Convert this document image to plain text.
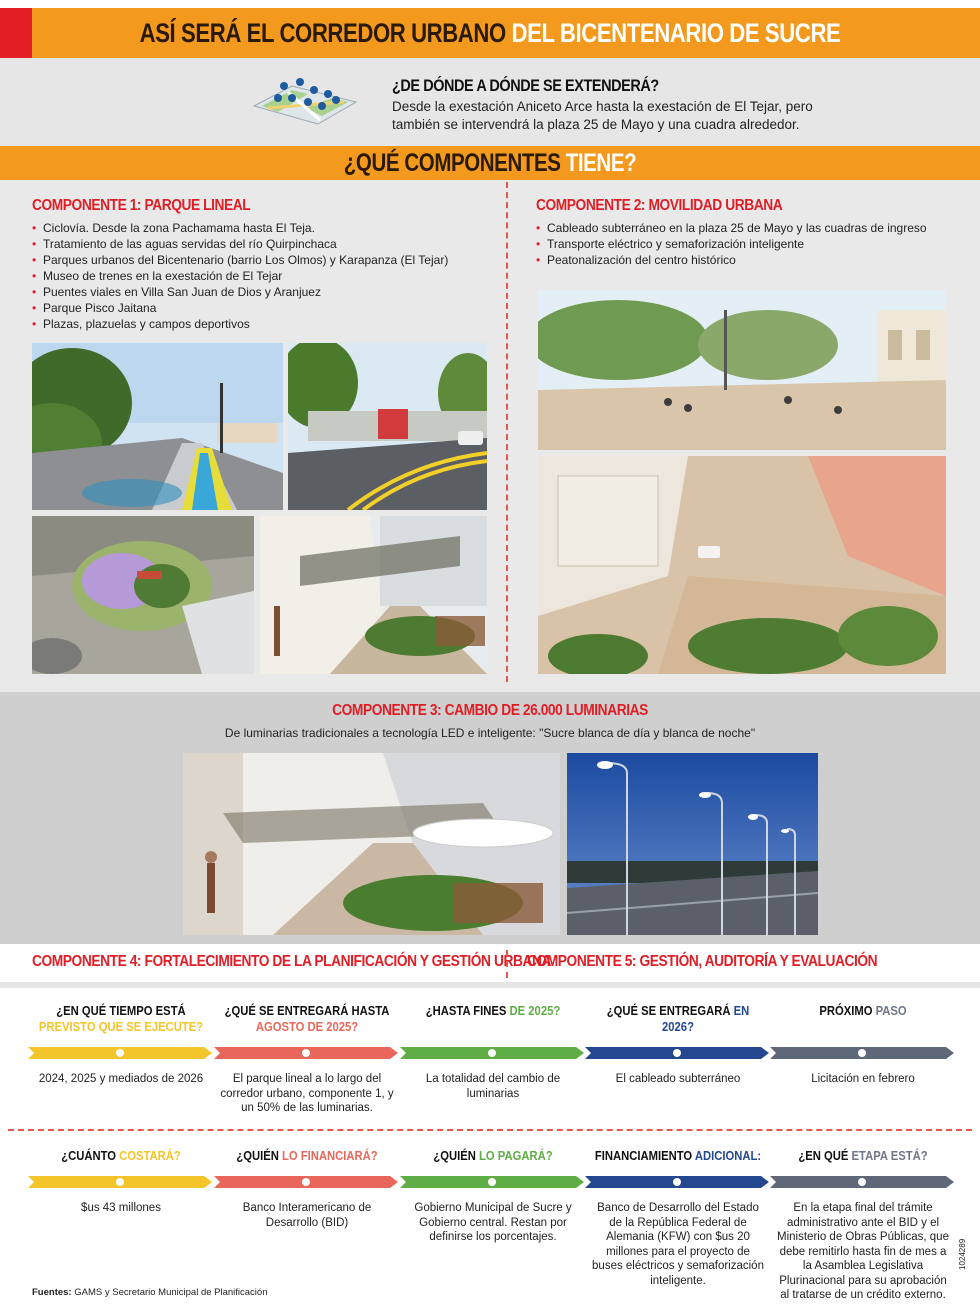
ASÍ SERÁ EL CORREDOR URBANO DEL BICENTENARIO DE SUCRE
¿DE DÓNDE A DÓNDE SE EXTENDERÁ?
Desde la exestación Aniceto Arce hasta la exestación de El Tejar, pero también se intervendrá la plaza 25 de Mayo y una cuadra alrededor.
¿QUÉ COMPONENTES TIENE?
COMPONENTE 1: PARQUE LINEAL
• Ciclovía. Desde la zona Pachamama hasta El Teja.
• Tratamiento de las aguas servidas del río Quirpinchaca
• Parques urbanos del Bicentenario (barrio Los Olmos) y Karapanza (El Tejar)
• Museo de trenes en la exestación de El Tejar
• Puentes viales en Villa San Juan de Dios y Aranjuez
• Parque Pisco Jaitana
• Plazas, plazuelas y campos deportivos
COMPONENTE 2: MOVILIDAD URBANA
• Cableado subterráneo en la plaza 25 de Mayo y las cuadras de ingreso
• Transporte eléctrico y semaforización inteligente
• Peatonalización del centro histórico
COMPONENTE 3: CAMBIO DE 26.000 LUMINARIAS
De luminarias tradicionales a tecnología LED e inteligente: "Sucre blanca de día y blanca de noche"
COMPONENTE 4: FORTALECIMIENTO DE LA PLANIFICACIÓN Y GESTIÓN URBANA
COMPONENTE 5: GESTIÓN, AUDITORÍA Y EVALUACIÓN
¿EN QUÉ TIEMPO ESTÁ
PREVISTO QUE SE EJECUTE?
2024, 2025 y mediados de 2026
¿QUÉ SE ENTREGARÁ HASTA
AGOSTO DE 2025?
El parque lineal a lo largo del corredor urbano, componente 1, y un 50% de las luminarias.
¿HASTA FINES DE 2025?
La totalidad del cambio de luminarias
¿QUÉ SE ENTREGARÁ EN 2026?
El cableado subterráneo
PRÓXIMO PASO
Licitación en febrero
¿CUÁNTO COSTARÁ?
$us 43 millones
¿QUIÉN LO FINANCIARÁ?
Banco Interamericano de Desarrollo (BID)
¿QUIÉN LO PAGARÁ?
Gobierno Municipal de Sucre y Gobierno central. Restan por definirse los porcentajes.
FINANCIAMIENTO ADICIONAL:
Banco de Desarrollo del Estado de la República Federal de Alemania (KFW) con $us 20 millones para el proyecto de buses eléctricos y semaforización inteligente.
¿EN QUÉ ETAPA ESTÁ?
En la etapa final del trámite administrativo ante el BID y el Ministerio de Obras Públicas, que debe remitirlo hasta fin de mes a la Asamblea Legislativa Plurinacional para su aprobación al tratarse de un crédito externo.
Fuentes: GAMS y Secretario Municipal de Planificación
1024289
